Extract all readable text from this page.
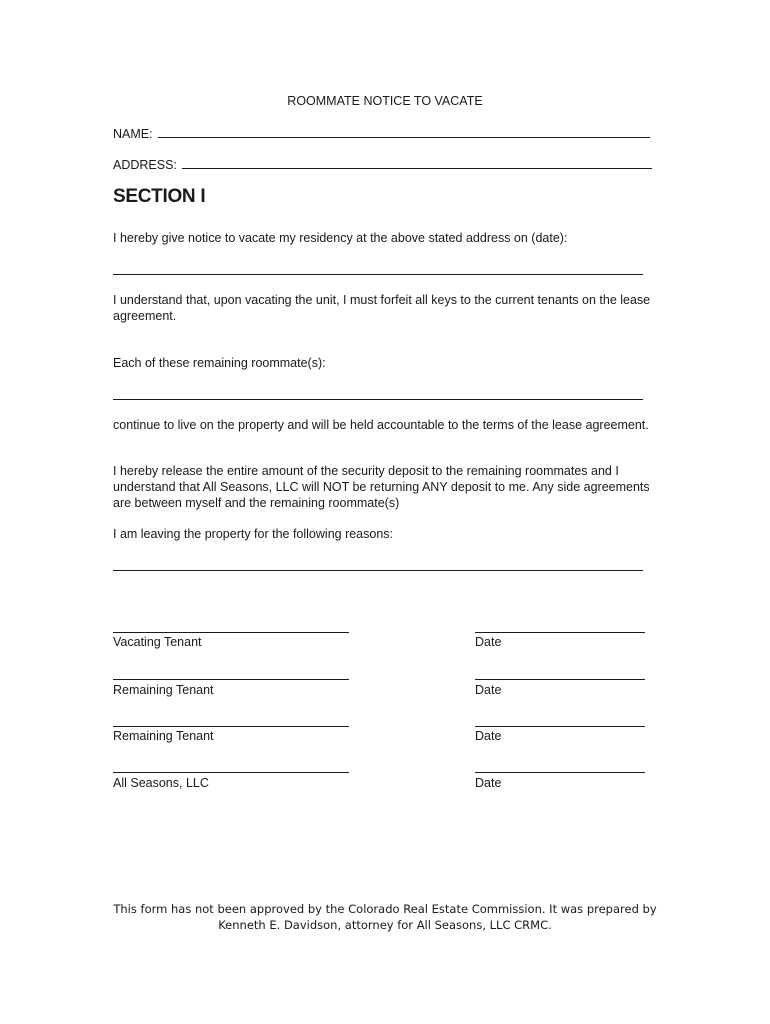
ROOMMATE NOTICE TO VACATE
NAME:
ADDRESS:
SECTION I
I hereby give notice to vacate my residency at the above stated address on (date):
I understand that, upon vacating the unit, I must forfeit all keys to the current tenants on the lease agreement.
Each of these remaining roommate(s):
continue to live on the property and will be held accountable to the terms of the lease agreement.
I hereby release the entire amount of the security deposit to the remaining roommates and I understand that All Seasons, LLC will NOT be returning ANY deposit to me. Any side agreements are between myself and the remaining roommate(s)
I am leaving the property for the following reasons:
Vacating Tenant	Date
Remaining Tenant	Date
Remaining Tenant	Date
All Seasons, LLC	Date
This form has not been approved by the Colorado Real Estate Commission. It was prepared by
Kenneth E. Davidson, attorney for All Seasons, LLC CRMC.
